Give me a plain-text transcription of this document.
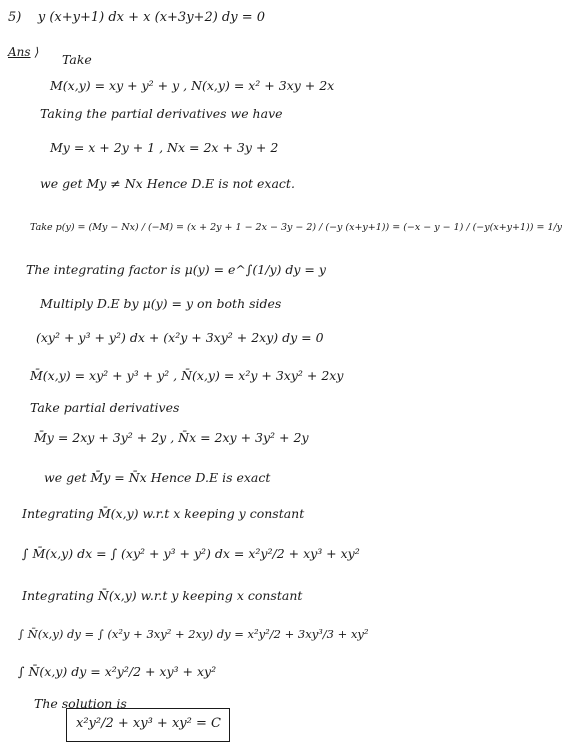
5) y (x+y+1) dx + x (x+3y+2) dy = 0
Ans ⟩ Take
M(x,y) = xy + y² + y , N(x,y) = x² + 3xy + 2x
Taking the partial derivatives we have
My = x + 2y + 1 , Nx = 2x + 3y + 2
we get My ≠ Nx Hence D.E is not exact.
Take p(y) = (My − Nx) / (−M) = (x + 2y + 1 − 2x − 3y − 2) / (−y (x+y+1)) = (−x − y − 1) / (−y(x+y+1)) = 1/y
The integrating factor is μ(y) = e^∫(1/y) dy = y
Multiply D.E by μ(y) = y on both sides
(xy² + y³ + y²) dx + (x²y + 3xy² + 2xy) dy = 0
M̄(x,y) = xy² + y³ + y² , N̄(x,y) = x²y + 3xy² + 2xy
Take partial derivatives
M̄y = 2xy + 3y² + 2y , N̄x = 2xy + 3y² + 2y
we get M̄y = N̄x Hence D.E is exact
Integrating M̄(x,y) w.r.t x keeping y constant
∫ M̄(x,y) dx = ∫ (xy² + y³ + y²) dx = x²y²/2 + xy³ + xy²
Integrating N̄(x,y) w.r.t y keeping x constant
∫ N̄(x,y) dy = ∫ (x²y + 3xy² + 2xy) dy = x²y²/2 + 3xy³/3 + xy²
∫ N̄(x,y) dy = x²y²/2 + xy³ + xy²
The solution is
x²y²/2 + xy³ + xy² = C
